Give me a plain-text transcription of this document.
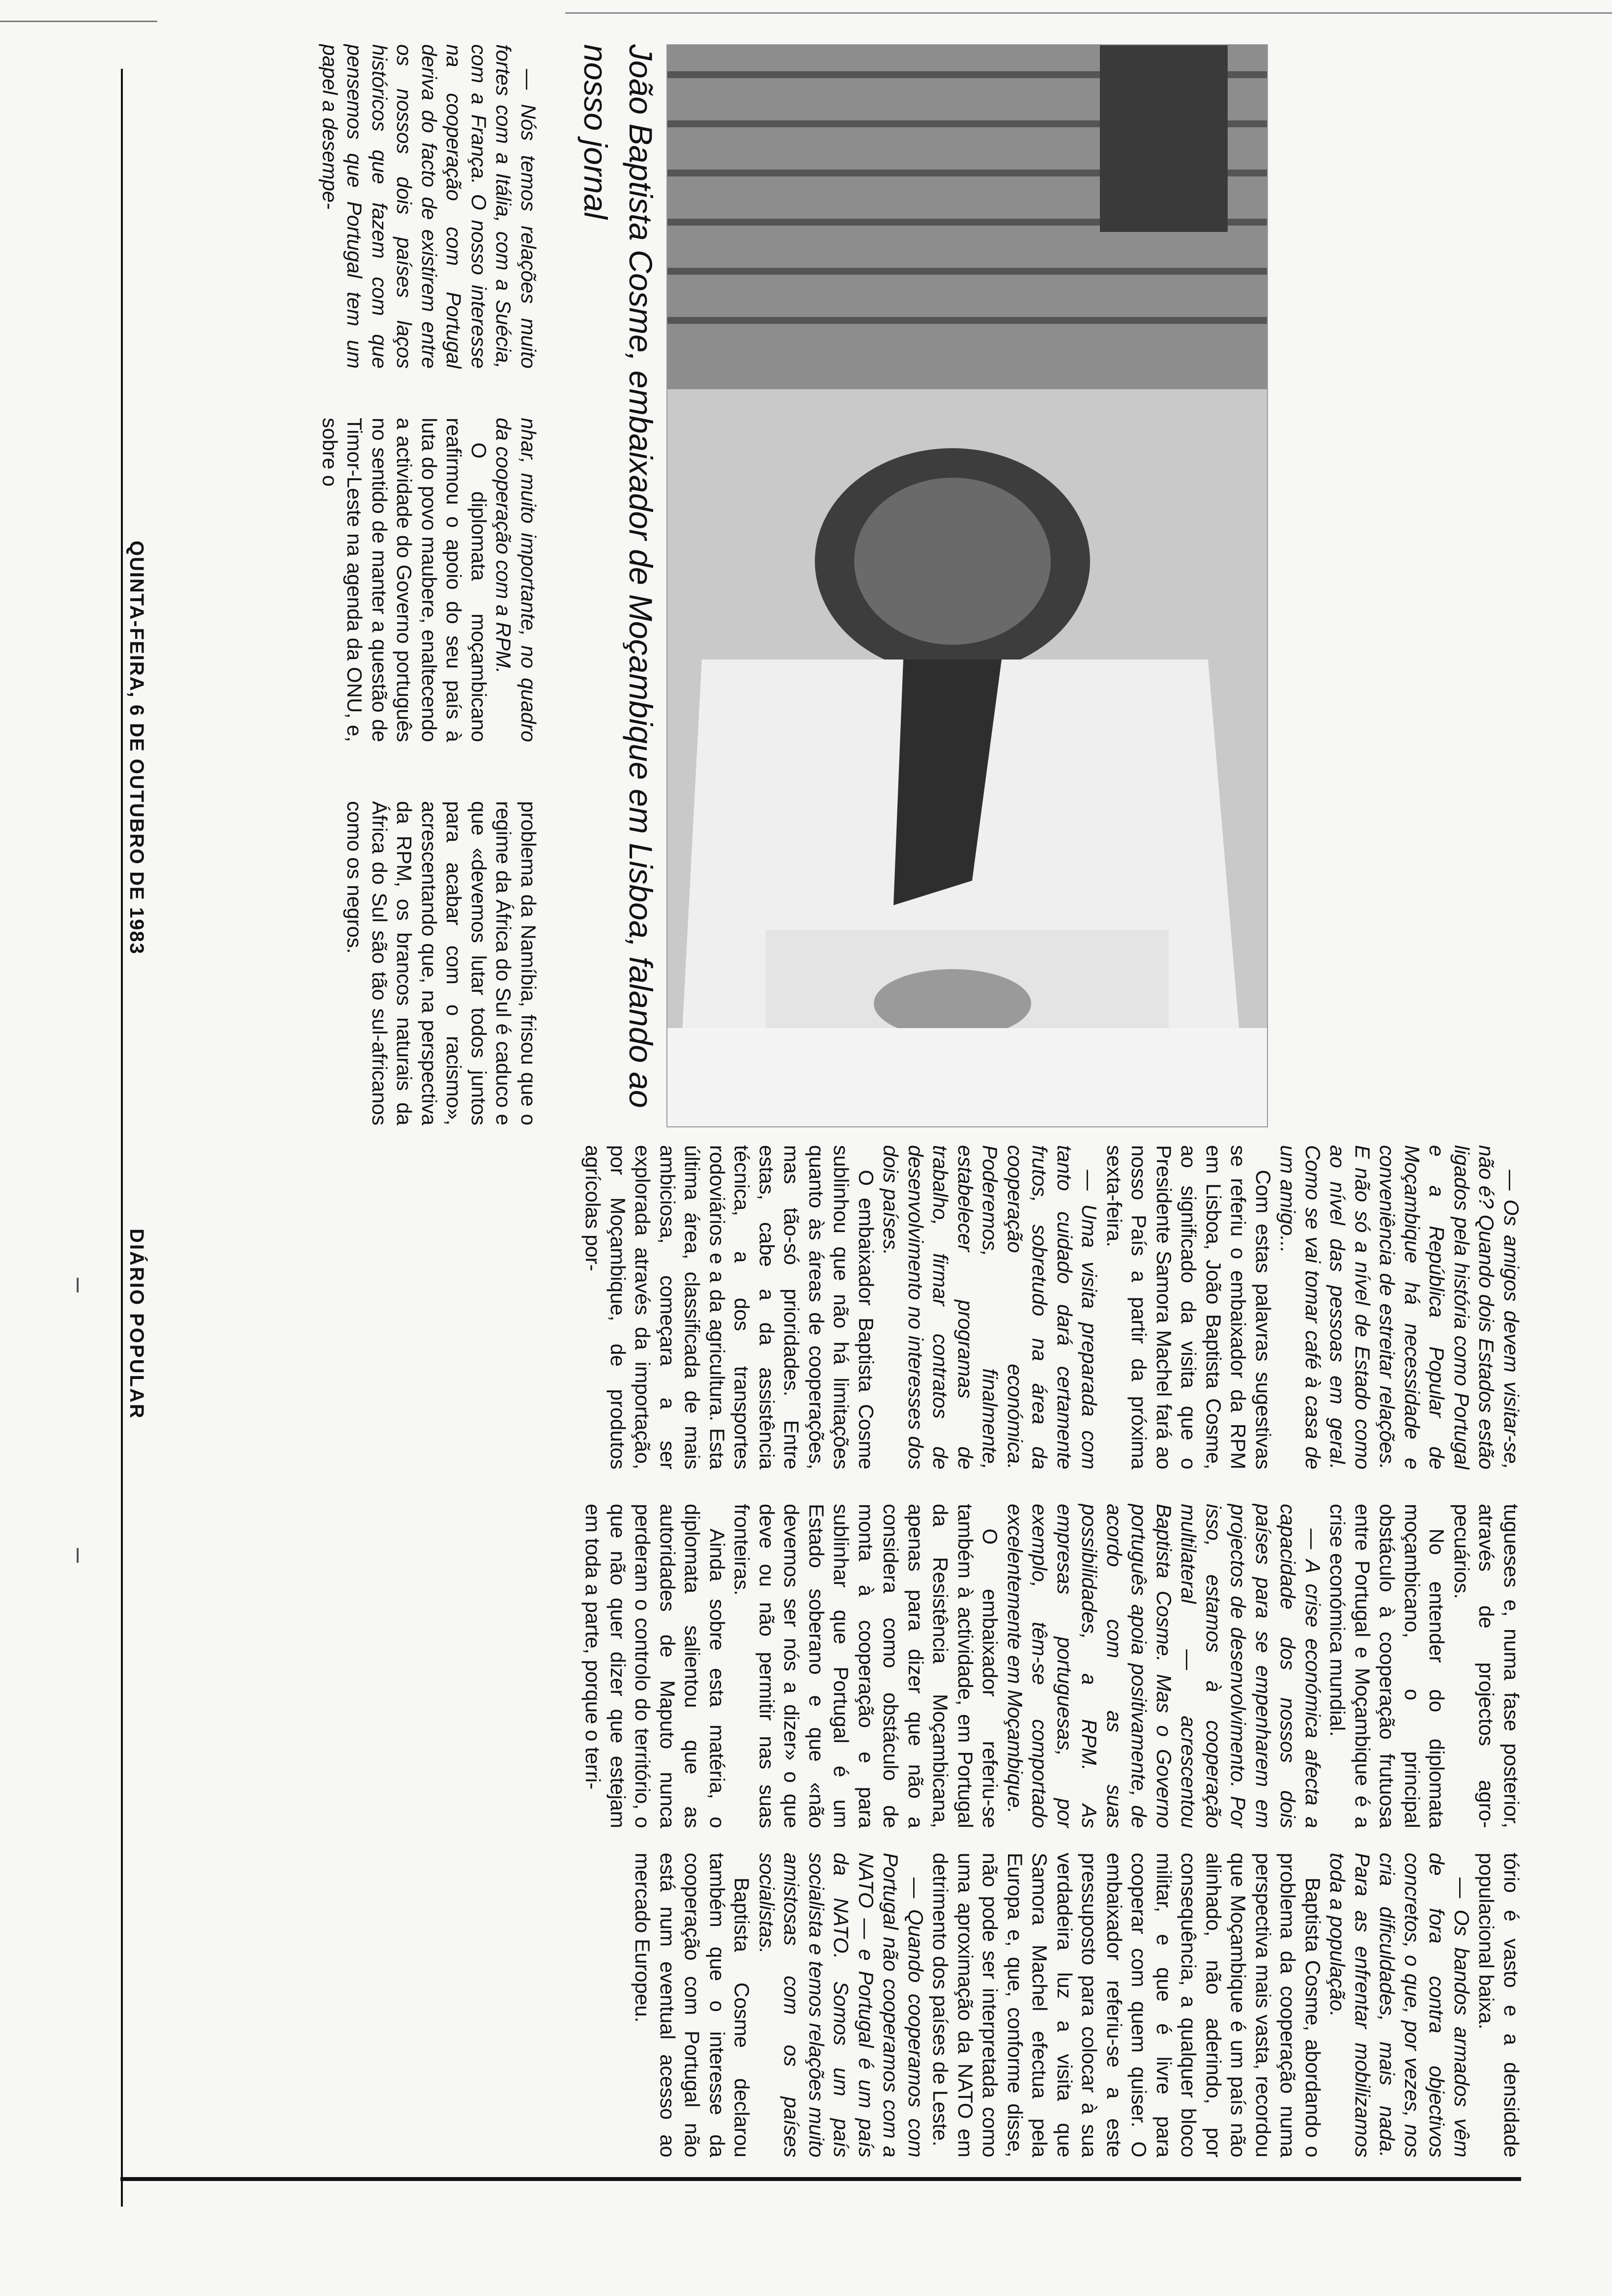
João Baptista Cosme, embaixador de Moçambique em Lisboa, falando ao nosso jornal

— Nós temos relações muito fortes com a Itália, com a Suécia, com a França. O nosso interesse na cooperação com Portugal deriva do facto de existirem entre os nossos dois países laços históricos que fazem com que pensemos que Portugal tem um papel a desempe-

nhar, muito importante, no quadro da cooperação com a RPM.

O diplomata moçambicano reafirmou o apoio do seu país à luta do povo maubere, enaltecendo a actividade do Governo português no sentido de manter a questão de Timor-Leste na agenda da ONU, e, sobre o

problema da Namíbia, frisou que o regime da África do Sul é caduco e que «devemos lutar todos juntos para acabar com o racismo», acrescentando que, na perspectiva da RPM, os brancos naturais da África do Sul são tão sul-africanos como os negros.

— Os amigos devem visitar-se, não é? Quando dois Estados estão ligados pela história como Portugal e a República Popular de Moçambique há necessidade e conveniência de estreitar relações. E não só a nível de Estado como ao nível das pessoas em geral. Como se vai tomar café à casa de um amigo...

Com estas palavras sugestivas se referiu o embaixador da RPM em Lisboa, João Baptista Cosme, ao significado da visita que o Presidente Samora Machel fará ao nosso País a partir da próxima sexta-feira.

— Uma visita preparada com tanto cuidado dará certamente frutos, sobretudo na área da cooperação económica. Poderemos, finalmente, estabelecer programas de trabalho, firmar contratos de desenvolvimento no interesses dos dois países.

O embaixador Baptista Cosme sublinhou que não há limitações quanto às áreas de cooperações, mas tão-só prioridades. Entre estas, cabe a da assistência técnica, a dos transportes rodoviários e a da agricultura. Esta última área, classificada de mais ambiciosa, começara a ser explorada através da importação, por Moçambique, de produtos agrícolas por-

tugueses e, numa fase posterior, através de projectos agro-pecuários.

No entender do diplomata moçambicano, o principal obstáculo à cooperação frutuosa entre Portugal e Moçambique é a crise económica mundial.

— A crise económica afecta a capacidade dos nossos dois países para se empenharem em projectos de desenvolvimento. Por isso, estamos à cooperação multilateral — acrescentou Baptista Cosme. Mas o Governo português apoia positivamente, de acordo com as suas possibilidades, a RPM. As empresas portuguesas, por exemplo, têm-se comportado excelentemente em Moçambique.

O embaixador referiu-se também à actividade, em Portugal da Resistência Moçambicana, apenas para dizer que não a considera como obstáculo de monta à cooperação e para sublinhar que Portugal é um Estado soberano e que «não devemos ser nós a dizer» o que deve ou não permitir nas suas fronteiras.

Ainda sobre esta matéria, o diplomata salientou que as autoridades de Maputo nunca perderam o controlo do território, o que não quer dizer que estejam em toda a parte, porque o terri-

tório é vasto e a densidade populacional baixa.

— Os bandos armados vêm de fora contra objectivos concretos, o que, por vezes, nos cria dificuldades, mais nada. Para as enfrentar mobilizamos toda a população.

Baptista Cosme, abordando o problema da cooperação numa perspectiva mais vasta, recordou que Moçambique é um país não alinhado, não aderindo, por consequência, a qualquer bloco militar, e que é livre para cooperar com quem quiser. O embaixador referiu-se a este pressuposto para colocar à sua verdadeira luz a visita que Samora Machel efectua pela Europa e, que, conforme disse, não pode ser interpretada como uma aproximação da NATO em detrimento dos países de Leste.

— Quando cooperamos com Portugal não cooperamos com a NATO — e Portugal é um país da NATO. Somos um país socialista e temos relações muito amistosas com os países socialistas.

Baptista Cosme declarou também que o interesse da cooperação com Portugal não está num eventual acesso ao mercado Europeu.

QUINTA-FEIRA, 6 DE OUTUBRO DE 1983
DIÁRIO POPULAR
